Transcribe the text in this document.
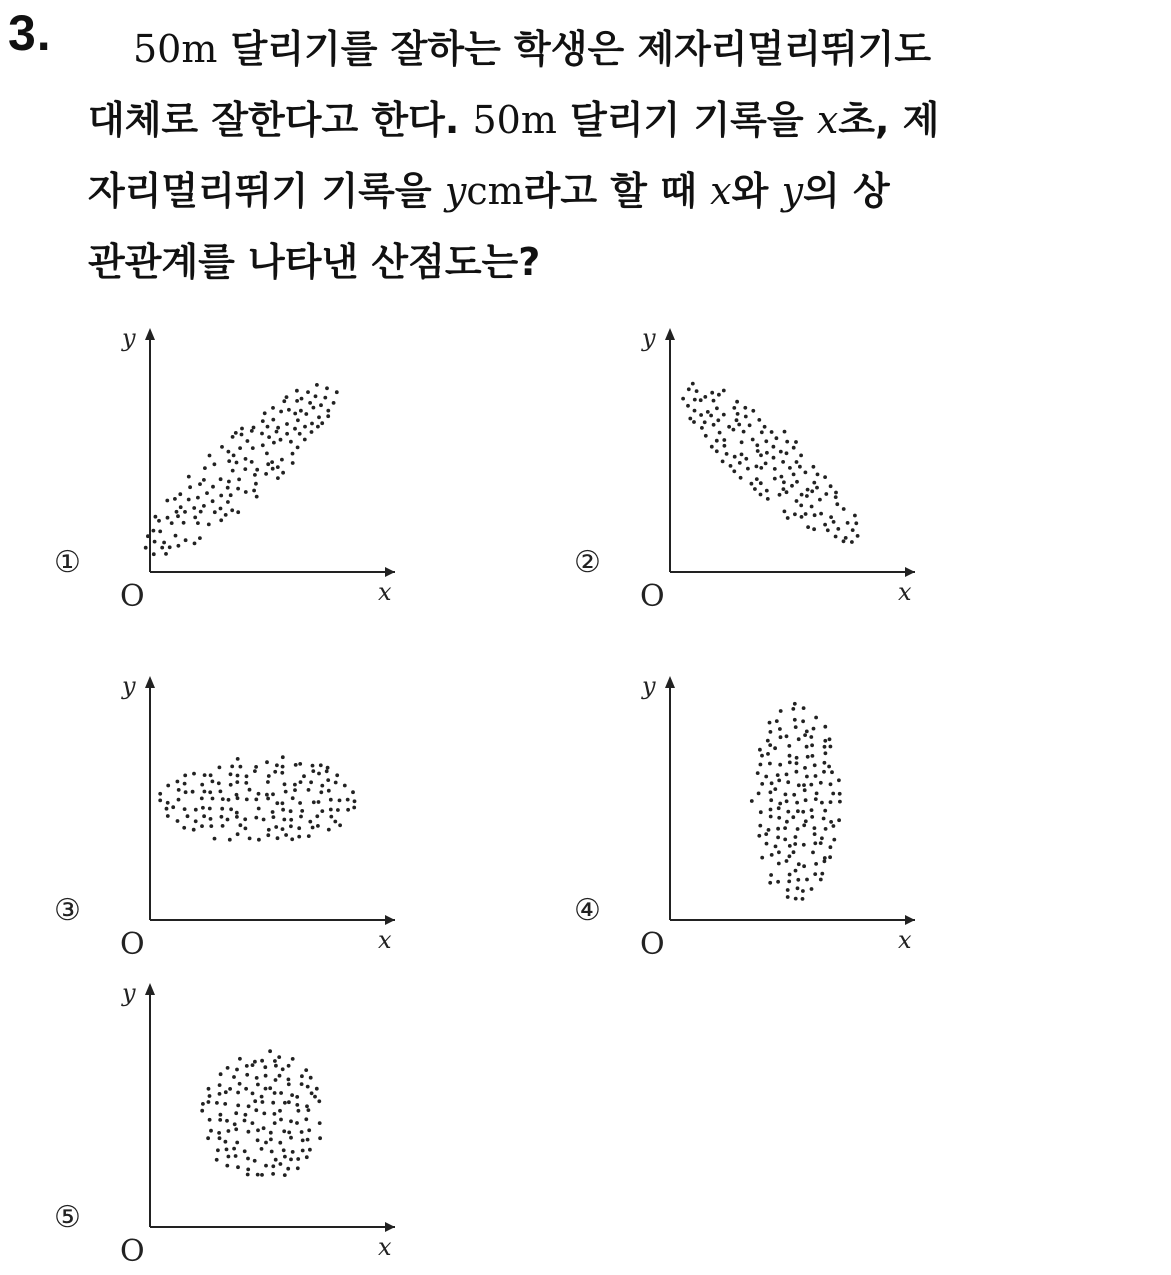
3.	50m 달리기를 잘하는 학생은 제자리멀리뛰기도
대체로 잘한다고 한다. 50m 달리기 기록을 x초, 제
자리멀리뛰기 기록을 ycm라고 할 때 x와 y의 상
관관계를 나타낸 산점도는?
①
y
x
O
②
y
x
O
③
y
x
O
④
y
x
O
⑤
y
x
O
